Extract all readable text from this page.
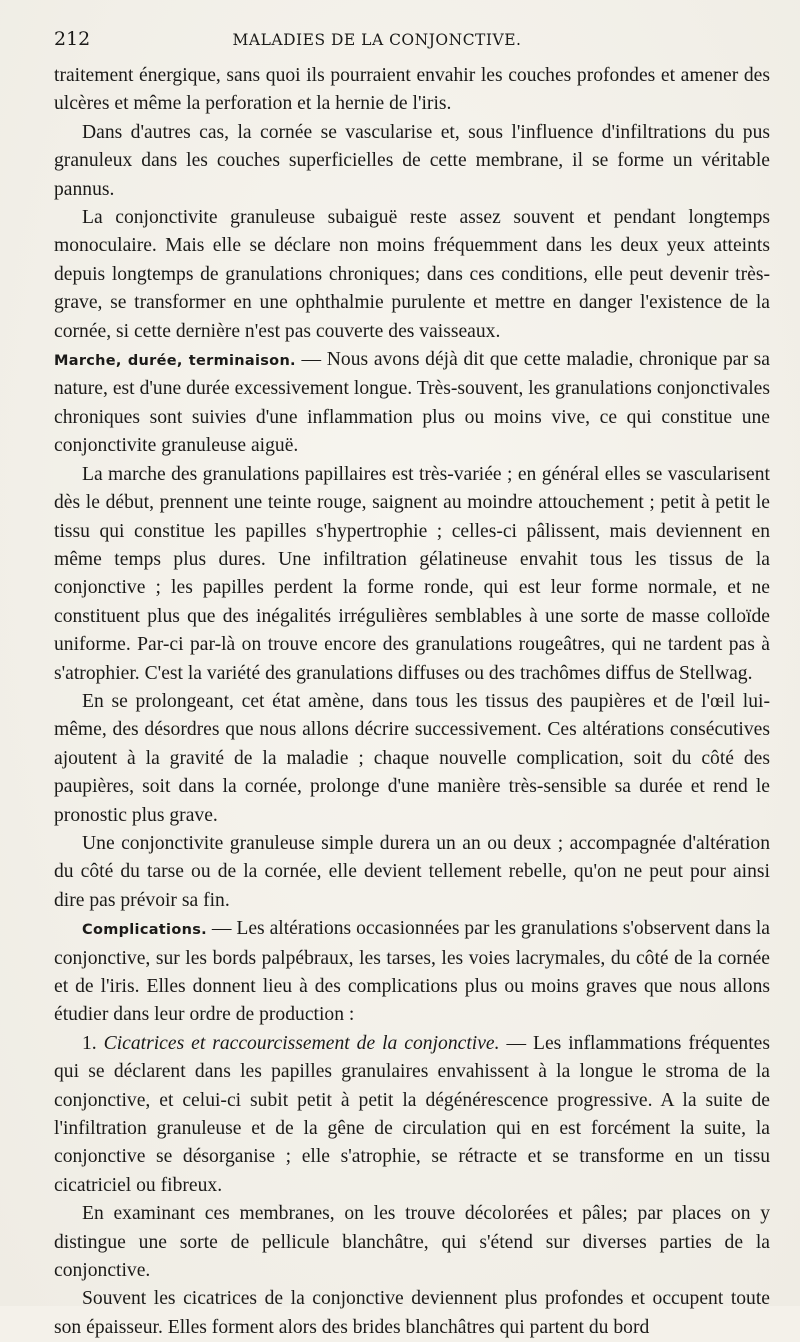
212	MALADIES DE LA CONJONCTIVE.

traitement énergique, sans quoi ils pourraient envahir les couches profondes et amener des ulcères et même la perforation et la hernie de l'iris.

Dans d'autres cas, la cornée se vascularise et, sous l'influence d'infiltrations du pus granuleux dans les couches superficielles de cette membrane, il se forme un véritable pannus.

La conjonctivite granuleuse subaiguë reste assez souvent et pendant longtemps monoculaire. Mais elle se déclare non moins fréquemment dans les deux yeux atteints depuis longtemps de granulations chroniques; dans ces conditions, elle peut devenir très-grave, se transformer en une ophthalmie purulente et mettre en danger l'existence de la cornée, si cette dernière n'est pas couverte des vaisseaux.

Marche, durée, terminaison. — Nous avons déjà dit que cette maladie, chronique par sa nature, est d'une durée excessivement longue. Très-souvent, les granulations conjonctivales chroniques sont suivies d'une inflammation plus ou moins vive, ce qui constitue une conjonctivite granuleuse aiguë.

La marche des granulations papillaires est très-variée ; en général elles se vascularisent dès le début, prennent une teinte rouge, saignent au moindre attouchement ; petit à petit le tissu qui constitue les papilles s'hypertrophie ; celles-ci pâlissent, mais deviennent en même temps plus dures. Une infiltration gélatineuse envahit tous les tissus de la conjonctive ; les papilles perdent la forme ronde, qui est leur forme normale, et ne constituent plus que des inégalités irrégulières semblables à une sorte de masse colloïde uniforme. Par-ci par-là on trouve encore des granulations rougeâtres, qui ne tardent pas à s'atrophier. C'est la variété des granulations diffuses ou des trachômes diffus de Stellwag.

En se prolongeant, cet état amène, dans tous les tissus des paupières et de l'œil lui-même, des désordres que nous allons décrire successivement. Ces altérations consécutives ajoutent à la gravité de la maladie ; chaque nouvelle complication, soit du côté des paupières, soit dans la cornée, prolonge d'une manière très-sensible sa durée et rend le pronostic plus grave.

Une conjonctivite granuleuse simple durera un an ou deux ; accompagnée d'altération du côté du tarse ou de la cornée, elle devient tellement rebelle, qu'on ne peut pour ainsi dire pas prévoir sa fin.

Complications. — Les altérations occasionnées par les granulations s'observent dans la conjonctive, sur les bords palpébraux, les tarses, les voies lacrymales, du côté de la cornée et de l'iris. Elles donnent lieu à des complications plus ou moins graves que nous allons étudier dans leur ordre de production :

1. Cicatrices et raccourcissement de la conjonctive. — Les inflammations fréquentes qui se déclarent dans les papilles granulaires envahissent à la longue le stroma de la conjonctive, et celui-ci subit petit à petit la dégénérescence progressive. A la suite de l'infiltration granuleuse et de la gêne de circulation qui en est forcément la suite, la conjonctive se désorganise ; elle s'atrophie, se rétracte et se transforme en un tissu cicatriciel ou fibreux.

En examinant ces membranes, on les trouve décolorées et pâles; par places on y distingue une sorte de pellicule blanchâtre, qui s'étend sur diverses parties de la conjonctive.

Souvent les cicatrices de la conjonctive deviennent plus profondes et occupent toute son épaisseur. Elles forment alors des brides blanchâtres qui partent du bord
